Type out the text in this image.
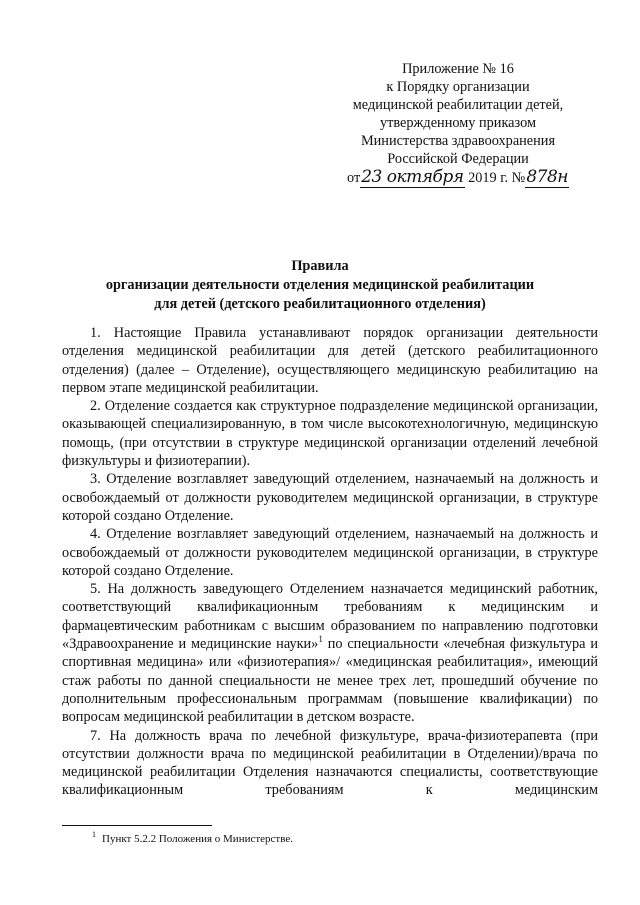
Приложение № 16
к Порядку организации
медицинской реабилитации детей,
утвержденному приказом
Министерства здравоохранения
Российской Федерации
от23 октября 2019 г. №878н
Правила
организации деятельности отделения медицинской реабилитации
для детей (детского реабилитационного отделения)

1. Настоящие Правила устанавливают порядок организации деятельности отделения медицинской реабилитации для детей (детского реабилитационного отделения) (далее – Отделение), осуществляющего медицинскую реабилитацию на первом этапе медицинской реабилитации.

2. Отделение создается как структурное подразделение медицинской организации, оказывающей специализированную, в том числе высокотехнологичную, медицинскую помощь, (при отсутствии в структуре медицинской организации отделений лечебной физкультуры и физиотерапии).

3. Отделение возглавляет заведующий отделением, назначаемый на должность и освобождаемый от должности руководителем медицинской организации, в структуре которой создано Отделение.

4. Отделение возглавляет заведующий отделением, назначаемый на должность и освобождаемый от должности руководителем медицинской организации, в структуре которой создано Отделение.

5. На должность заведующего Отделением назначается медицинский работник, соответствующий квалификационным требованиям к медицинским и фармацевтическим работникам с высшим образованием по направлению подготовки «Здравоохранение и медицинские науки»$^1$ по специальности «лечебная физкультура и спортивная медицина» или «физиотерапия»/ «медицинская реабилитация», имеющий стаж работы по данной специальности не менее трех лет, прошедший обучение по дополнительным профессиональным программам (повышение квалификации) по вопросам медицинской реабилитации в детском возрасте.

7. На должность врача по лечебной физкультуре, врача-физиотерапевта (при отсутствии должности врача по медицинской реабилитации в Отделении)/врача по медицинской реабилитации Отделения назначаются специалисты, соответствующие квалификационным требованиям к медицинским

$^1$ Пункт 5.2.2 Положения о Министерстве.
